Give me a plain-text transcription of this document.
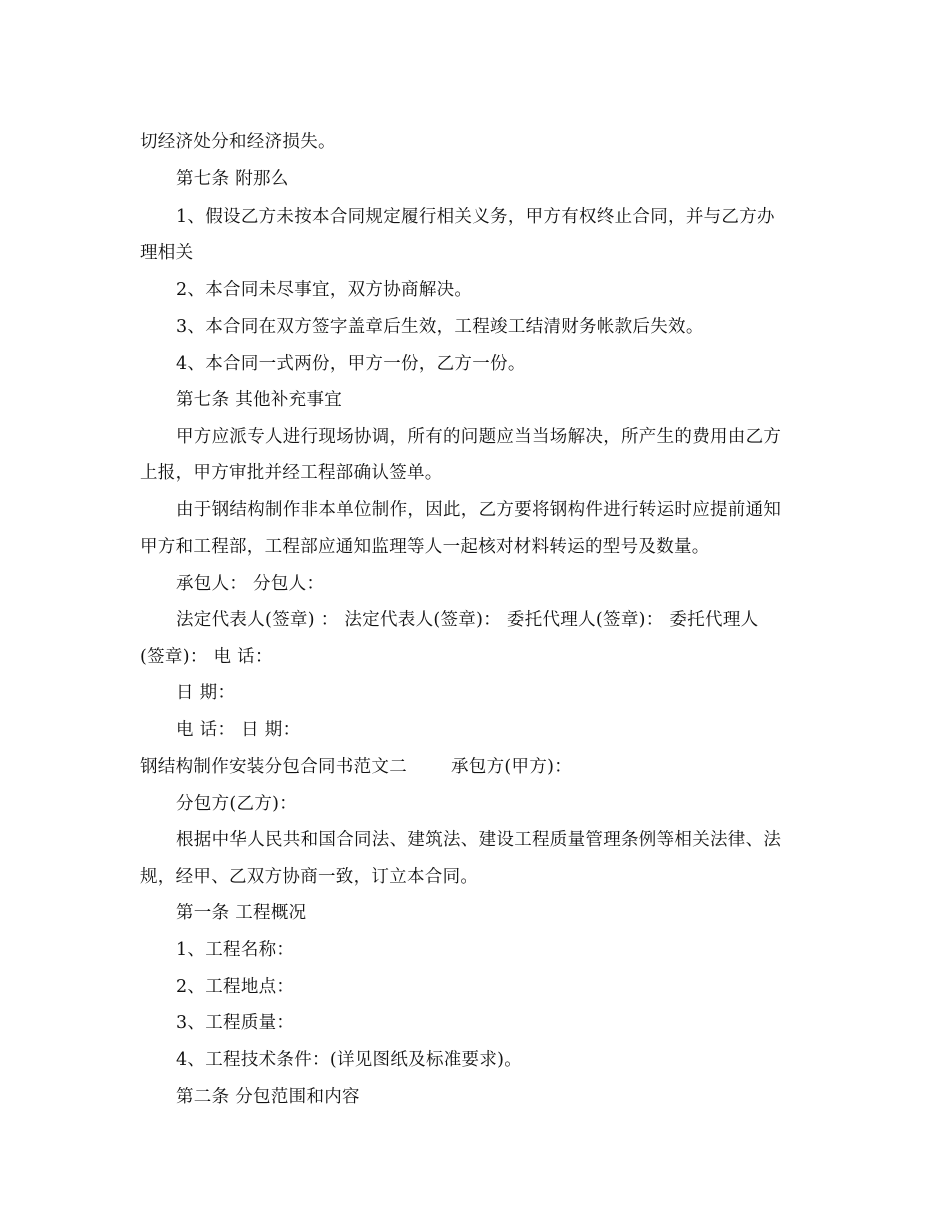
切经济处分和经济损失。
第七条 附那么
1、假设乙方未按本合同规定履行相关义务，甲方有权终止合同，并与乙方办
理相关
2、本合同未尽事宜，双方协商解决。
3、本合同在双方签字盖章后生效，工程竣工结清财务帐款后失效。
4、本合同一式两份，甲方一份，乙方一份。
第七条 其他补充事宜
甲方应派专人进行现场协调，所有的问题应当当场解决，所产生的费用由乙方
上报，甲方审批并经工程部确认签单。
由于钢结构制作非本单位制作，因此，乙方要将钢构件进行转运时应提前通知
甲方和工程部，工程部应通知监理等人一起核对材料转运的型号及数量。
承包人： 分包人：
法定代表人(签章) ： 法定代表人(签章)： 委托代理人(签章)： 委托代理人
(签章)： 电 话：
日 期：
电 话： 日 期：
钢结构制作安装分包合同书范文二	承包方(甲方)：
分包方(乙方)：
根据中华人民共和国合同法、建筑法、建设工程质量管理条例等相关法律、法
规，经甲、乙双方协商一致，订立本合同。
第一条 工程概况
1、工程名称：
2、工程地点：
3、工程质量：
4、工程技术条件：(详见图纸及标准要求)。
第二条 分包范围和内容
